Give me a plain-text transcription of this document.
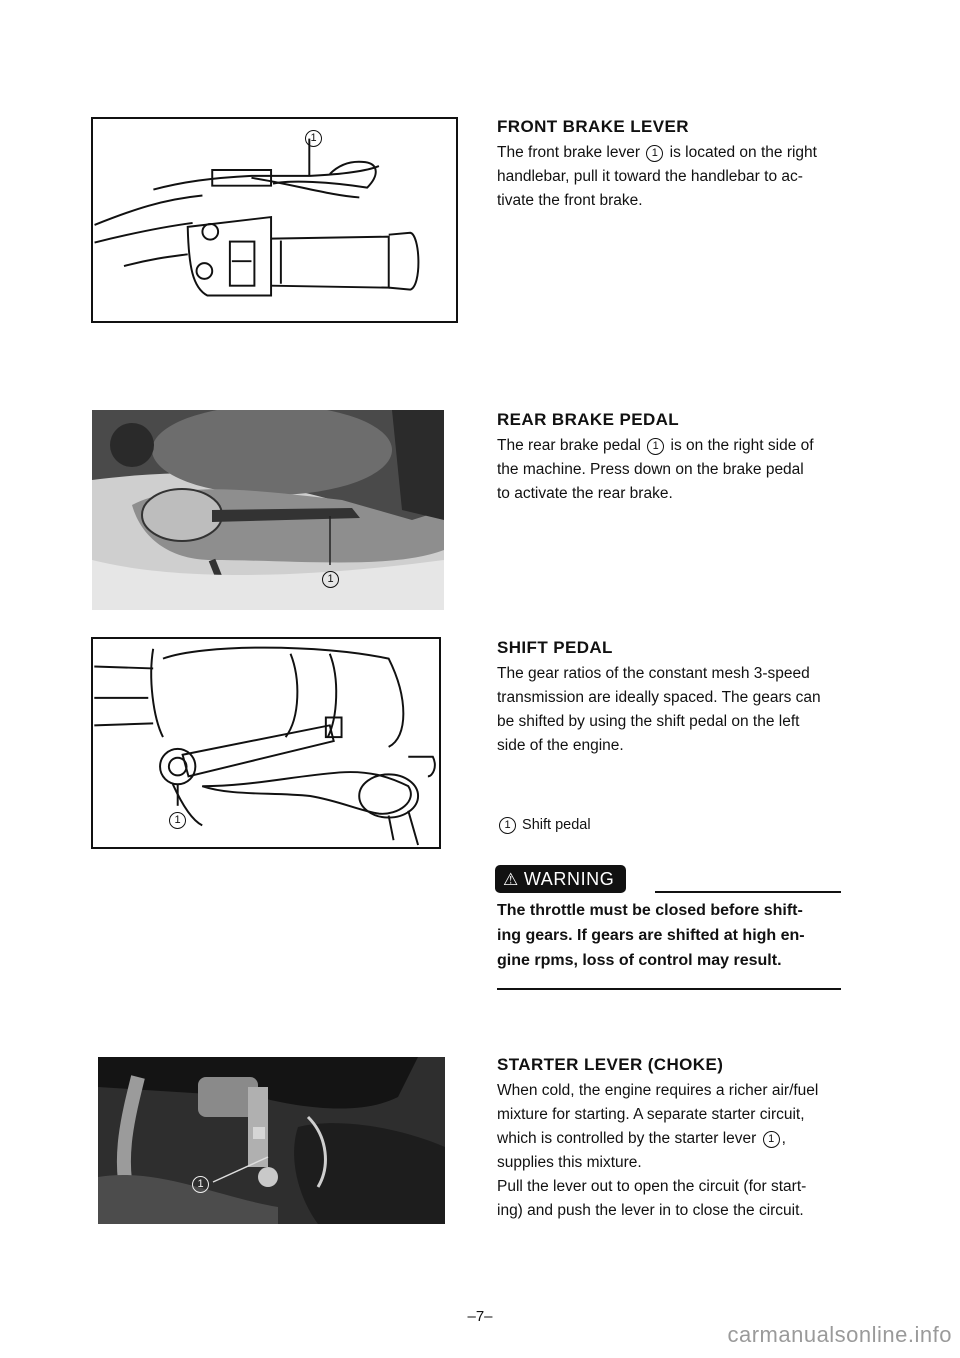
1
FRONT BRAKE LEVER

The front brake lever 1 is located on the right
handlebar, pull it toward the handlebar to ac-
tivate the front brake.

1
REAR BRAKE PEDAL

The rear brake pedal 1 is on the right side of
the machine. Press down on the brake pedal
to activate the rear brake.

1
SHIFT PEDAL

The gear ratios of the constant mesh 3-speed
transmission are ideally spaced. The gears can
be shifted by using the shift pedal on the left
side of the engine.

1 Shift pedal
⚠ WARNING
The throttle must be closed before shift-
ing gears. If gears are shifted at high en-
gine rpms, loss of control may result.
1
STARTER LEVER (CHOKE)

When cold, the engine requires a richer air/fuel
mixture for starting. A separate starter circuit,
which is controlled by the starter lever 1 ,
supplies this mixture.
Pull the lever out to open the circuit (for start-
ing) and push the lever in to close the circuit.

–7–
carmanualsonline.info
